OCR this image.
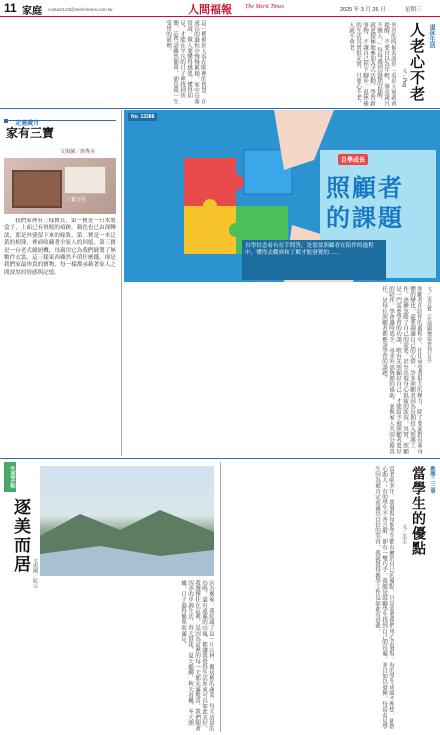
11 家庭 contact123@merit-times.com.tw	人間福報 The Merit Times	2025 年 3 月 26 日	星期三
退休生活
人老心不老
文／Peg
外出的時候若說到「看到人家就會提醒，不要自以為年輕，畢竟歲月不饒人。」每每遇到這樣的提醒，就更積極地參加各式活動，學習新事物，不讓自己停下腳步。退休後的生活其實很充實，只要心不老，人就不會老。
這一種被別人看在眼裡的智慧，在成長的過程中慢慢累積。家中長輩常說，做人要懂得感恩，懂得知足，才能在平凡的日子裡找到快樂。這些話雖然簡單，卻是我一生受用的道理。
走過歲月
家有三寶
文與圖／徐秀美
三寶合照
我們家裡有三樣寶貝，第一寶是一只木製盒子，上面已有斑駁的痕跡，顏色也已由深轉淡，那是外婆留下來的嫁妝。第二寶是一本泛黃的相簿，裡面收藏著全家人的回憶。第三寶是一台老式縫紉機，母親用它為我們縫製了無數件衣裳。這三樣東西雖然不值什麼錢，卻是我們家最珍貴的寶物，每一樣都承載著家人之間深厚的情感與記憶。
No. 13388
自學成長
照顧者
的課題
自學信念看有在手問答，是需要照顧者在陪伴的過程中，懂得去觀察和了解才能發覺的……
文／宋芳寶（在地關懷協會執行長）
照顧者在陪伴的過程中，往往承受著很大的壓力。除了要面對長輩身體的變化，還要調適自己的心情。許多照顧者因為長期投入照護工作，逐漸忽略了自己的需要，甚至出現身心俱疲的狀況。其實，照顧是一門需要學習的功課，唯有先照顧好自己，才能給予被照顧者更好的陪伴。學會適時放手，尋求外部資源的協助，並與家人共同分擔責任，是每位照顧者都應該學習的課題。
生活手帖
逐美而居 文與圖／阮元
因為搬家，我結識了這一片山林，鄰居種的蔬菜、每天清晨的鳥鳴，還有遠處的山嵐，都讓我覺得生活原來可以如此美好。我選擇住在這裡，是因為這裡的每一天都充滿驚喜。我們順著四季的步調生活，春天賞花，夏天聽蟬，秋天看楓，冬天圍爐，日子過得簡單而滿足。
教學二三事
當學生的優點
文／美玉
當老師多年，我發現每個學生都有屬於自己的優點，只是需要我們用心去發現。有的學生成績不理想，卻熱心助人；有的學生不善言辭，卻有一雙巧手。我總是鼓勵學生找到自己的長處，並且加以發揮。每當看見學生因為被肯定而露出自信的笑容，我就覺得教學工作是如此有意義。
